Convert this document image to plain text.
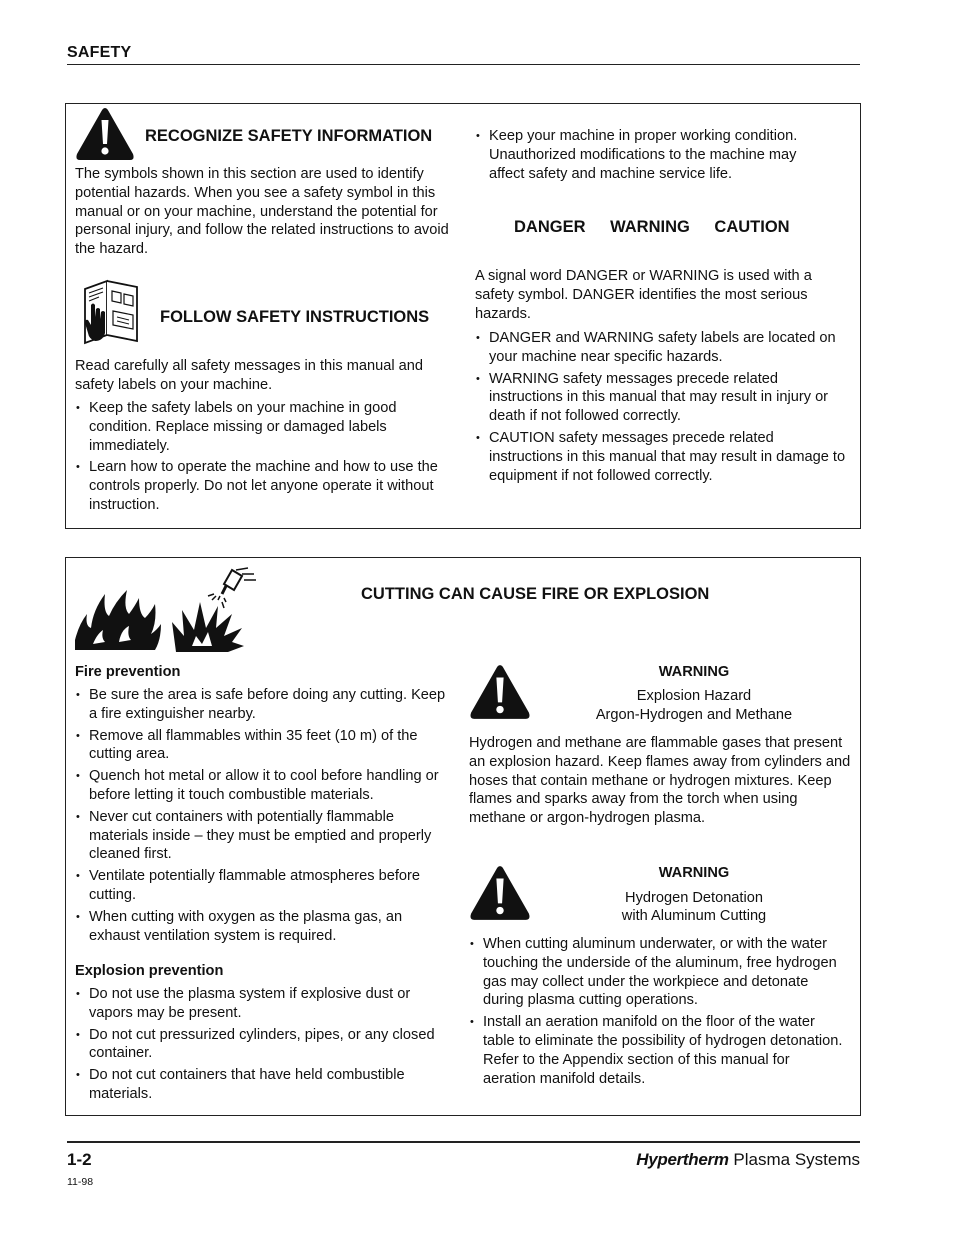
SAFETY
RECOGNIZE SAFETY INFORMATION

The symbols shown in this section are used to identify potential hazards. When you see a safety symbol in this manual or on your machine, understand the potential for personal injury, and follow the related instructions to avoid the hazard.

FOLLOW SAFETY INSTRUCTIONS

Read carefully all safety messages in this manual and safety labels on your machine.

• Keep the safety labels on your machine in good condition. Replace missing or damaged labels immediately.
• Learn how to operate the machine and how to use the controls properly. Do not let anyone operate it without instruction.
• Keep your machine in proper working condition. Unauthorized modifications to the machine may affect safety and machine service life.
DANGER WARNING CAUTION

A signal word DANGER or WARNING is used with a safety symbol. DANGER identifies the most serious hazards.

• DANGER and WARNING safety labels are located on your machine near specific hazards.
• WARNING safety messages precede related instructions in this manual that may result in injury or death if not followed correctly.
• CAUTION safety messages precede related instructions in this manual that may result in damage to equipment if not followed correctly.
CUTTING CAN CAUSE FIRE OR EXPLOSION
Fire prevention
• Be sure the area is safe before doing any cutting. Keep a fire extinguisher nearby.
• Remove all flammables within 35 feet (10 m) of the cutting area.
• Quench hot metal or allow it to cool before handling or before letting it touch combustible materials.
• Never cut containers with potentially flammable materials inside – they must be emptied and properly cleaned first.
• Ventilate potentially flammable atmospheres before cutting.
• When cutting with oxygen as the plasma gas, an exhaust ventilation system is required.
Explosion prevention
• Do not use the plasma system if explosive dust or vapors may be present.
• Do not cut pressurized cylinders, pipes, or any closed container.
• Do not cut containers that have held combustible materials.
WARNING
Explosion Hazard
Argon-Hydrogen and Methane

Hydrogen and methane are flammable gases that present an explosion hazard. Keep flames away from cylinders and hoses that contain methane or hydrogen mixtures. Keep flames and sparks away from the torch when using methane or argon-hydrogen plasma.

WARNING
Hydrogen Detonation
with Aluminum Cutting
• When cutting aluminum underwater, or with the water touching the underside of the aluminum, free hydrogen gas may collect under the workpiece and detonate during plasma cutting operations.
• Install an aeration manifold on the floor of the water table to eliminate the possibility of hydrogen detonation. Refer to the Appendix section of this manual for aeration manifold details.
1-2
11-98
Hypertherm Plasma Systems
